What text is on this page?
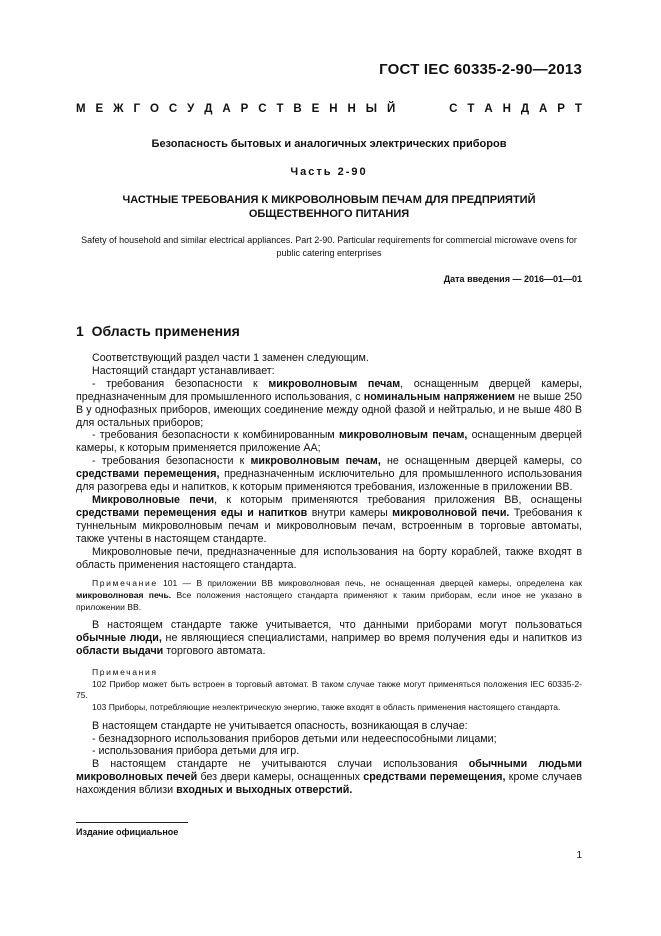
ГОСТ IEC 60335-2-90—2013
М Е Ж Г О С У Д А Р С Т В Е Н Н Ы Й	С Т А Н Д А Р Т
Безопасность бытовых и аналогичных электрических приборов
Часть 2-90
ЧАСТНЫЕ ТРЕБОВАНИЯ К МИКРОВОЛНОВЫМ ПЕЧАМ ДЛЯ ПРЕДПРИЯТИЙ ОБЩЕСТВЕННОГО ПИТАНИЯ
Safety of household and similar electrical appliances. Part 2-90. Particular requirements for commercial microwave ovens for public catering enterprises
Дата введения — 2016—01—01
1 Область применения

Соответствующий раздел части 1 заменен следующим.

Настоящий стандарт устанавливает:

- требования безопасности к микроволновым печам, оснащенным дверцей камеры, предназначенным для промышленного использования, с номинальным напряжением не выше 250 В у однофазных приборов, имеющих соединение между одной фазой и нейтралью, и не выше 480 В для остальных приборов;

- требования безопасности к комбинированным микроволновым печам, оснащенным дверцей камеры, к которым применяется приложение АА;

- требования безопасности к микроволновым печам, не оснащенным дверцей камеры, со средствами перемещения, предназначенным исключительно для промышленного использования для разогрева еды и напитков, к которым применяются требования, изложенные в приложении ВВ.

Микроволновые печи, к которым применяются требования приложения ВВ, оснащены средствами перемещения еды и напитков внутри камеры микроволновой печи. Требования к туннельным микроволновым печам и микроволновым печам, встроенным в торговые автоматы, также учтены в настоящем стандарте.

Микроволновые печи, предназначенные для использования на борту кораблей, также входят в область применения настоящего стандарта.

Примечание 101 — В приложении ВВ микроволновая печь, не оснащенная дверцей камеры, определена как микроволновая печь. Все положения настоящего стандарта применяют к таким приборам, если иное не указано в приложении ВВ.

В настоящем стандарте также учитывается, что данными приборами могут пользоваться обычные люди, не являющиеся специалистами, например во время получения еды и напитков из области выдачи торгового автомата.

Примечания

102 Прибор может быть встроен в торговый автомат. В таком случае также могут применяться положения IEC 60335-2-75.

103 Приборы, потребляющие неэлектрическую энергию, также входят в область применения настоящего стандарта.

В настоящем стандарте не учитывается опасность, возникающая в случае:

- безнадзорного использования приборов детьми или недееспособными лицами;

- использования прибора детьми для игр.

В настоящем стандарте не учитываются случаи использования обычными людьми микроволновых печей без двери камеры, оснащенных средствами перемещения, кроме случаев нахождения вблизи входных и выходных отверстий.

Издание официальное
1
